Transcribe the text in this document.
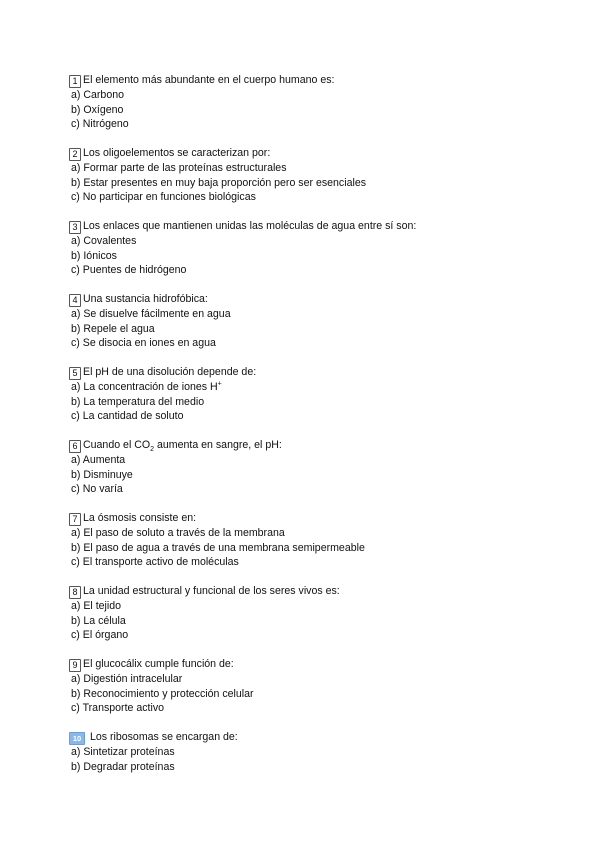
1 El elemento más abundante en el cuerpo humano es:
a) Carbono
b) Oxígeno
c) Nitrógeno
2 Los oligoelementos se caracterizan por:
a) Formar parte de las proteínas estructurales
b) Estar presentes en muy baja proporción pero ser esenciales
c) No participar en funciones biológicas
3 Los enlaces que mantienen unidas las moléculas de agua entre sí son:
a) Covalentes
b) Iónicos
c) Puentes de hidrógeno
4 Una sustancia hidrofóbica:
a) Se disuelve fácilmente en agua
b) Repele el agua
c) Se disocia en iones en agua
5 El pH de una disolución depende de:
a) La concentración de iones H+
b) La temperatura del medio
c) La cantidad de soluto
6 Cuando el $CO_2$ aumenta en sangre, el pH:
a) Aumenta
b) Disminuye
c) No varía
7 La ósmosis consiste en:
a) El paso de soluto a través de la membrana
b) El paso de agua a través de una membrana semipermeable
c) El transporte activo de moléculas
8 La unidad estructural y funcional de los seres vivos es:
a) El tejido
b) La célula
c) El órgano
9 El glucocálix cumple función de:
a) Digestión intracelular
b) Reconocimiento y protección celular
c) Transporte activo
10 Los ribosomas se encargan de:
a) Sintetizar proteínas
b) Degradar proteínas
